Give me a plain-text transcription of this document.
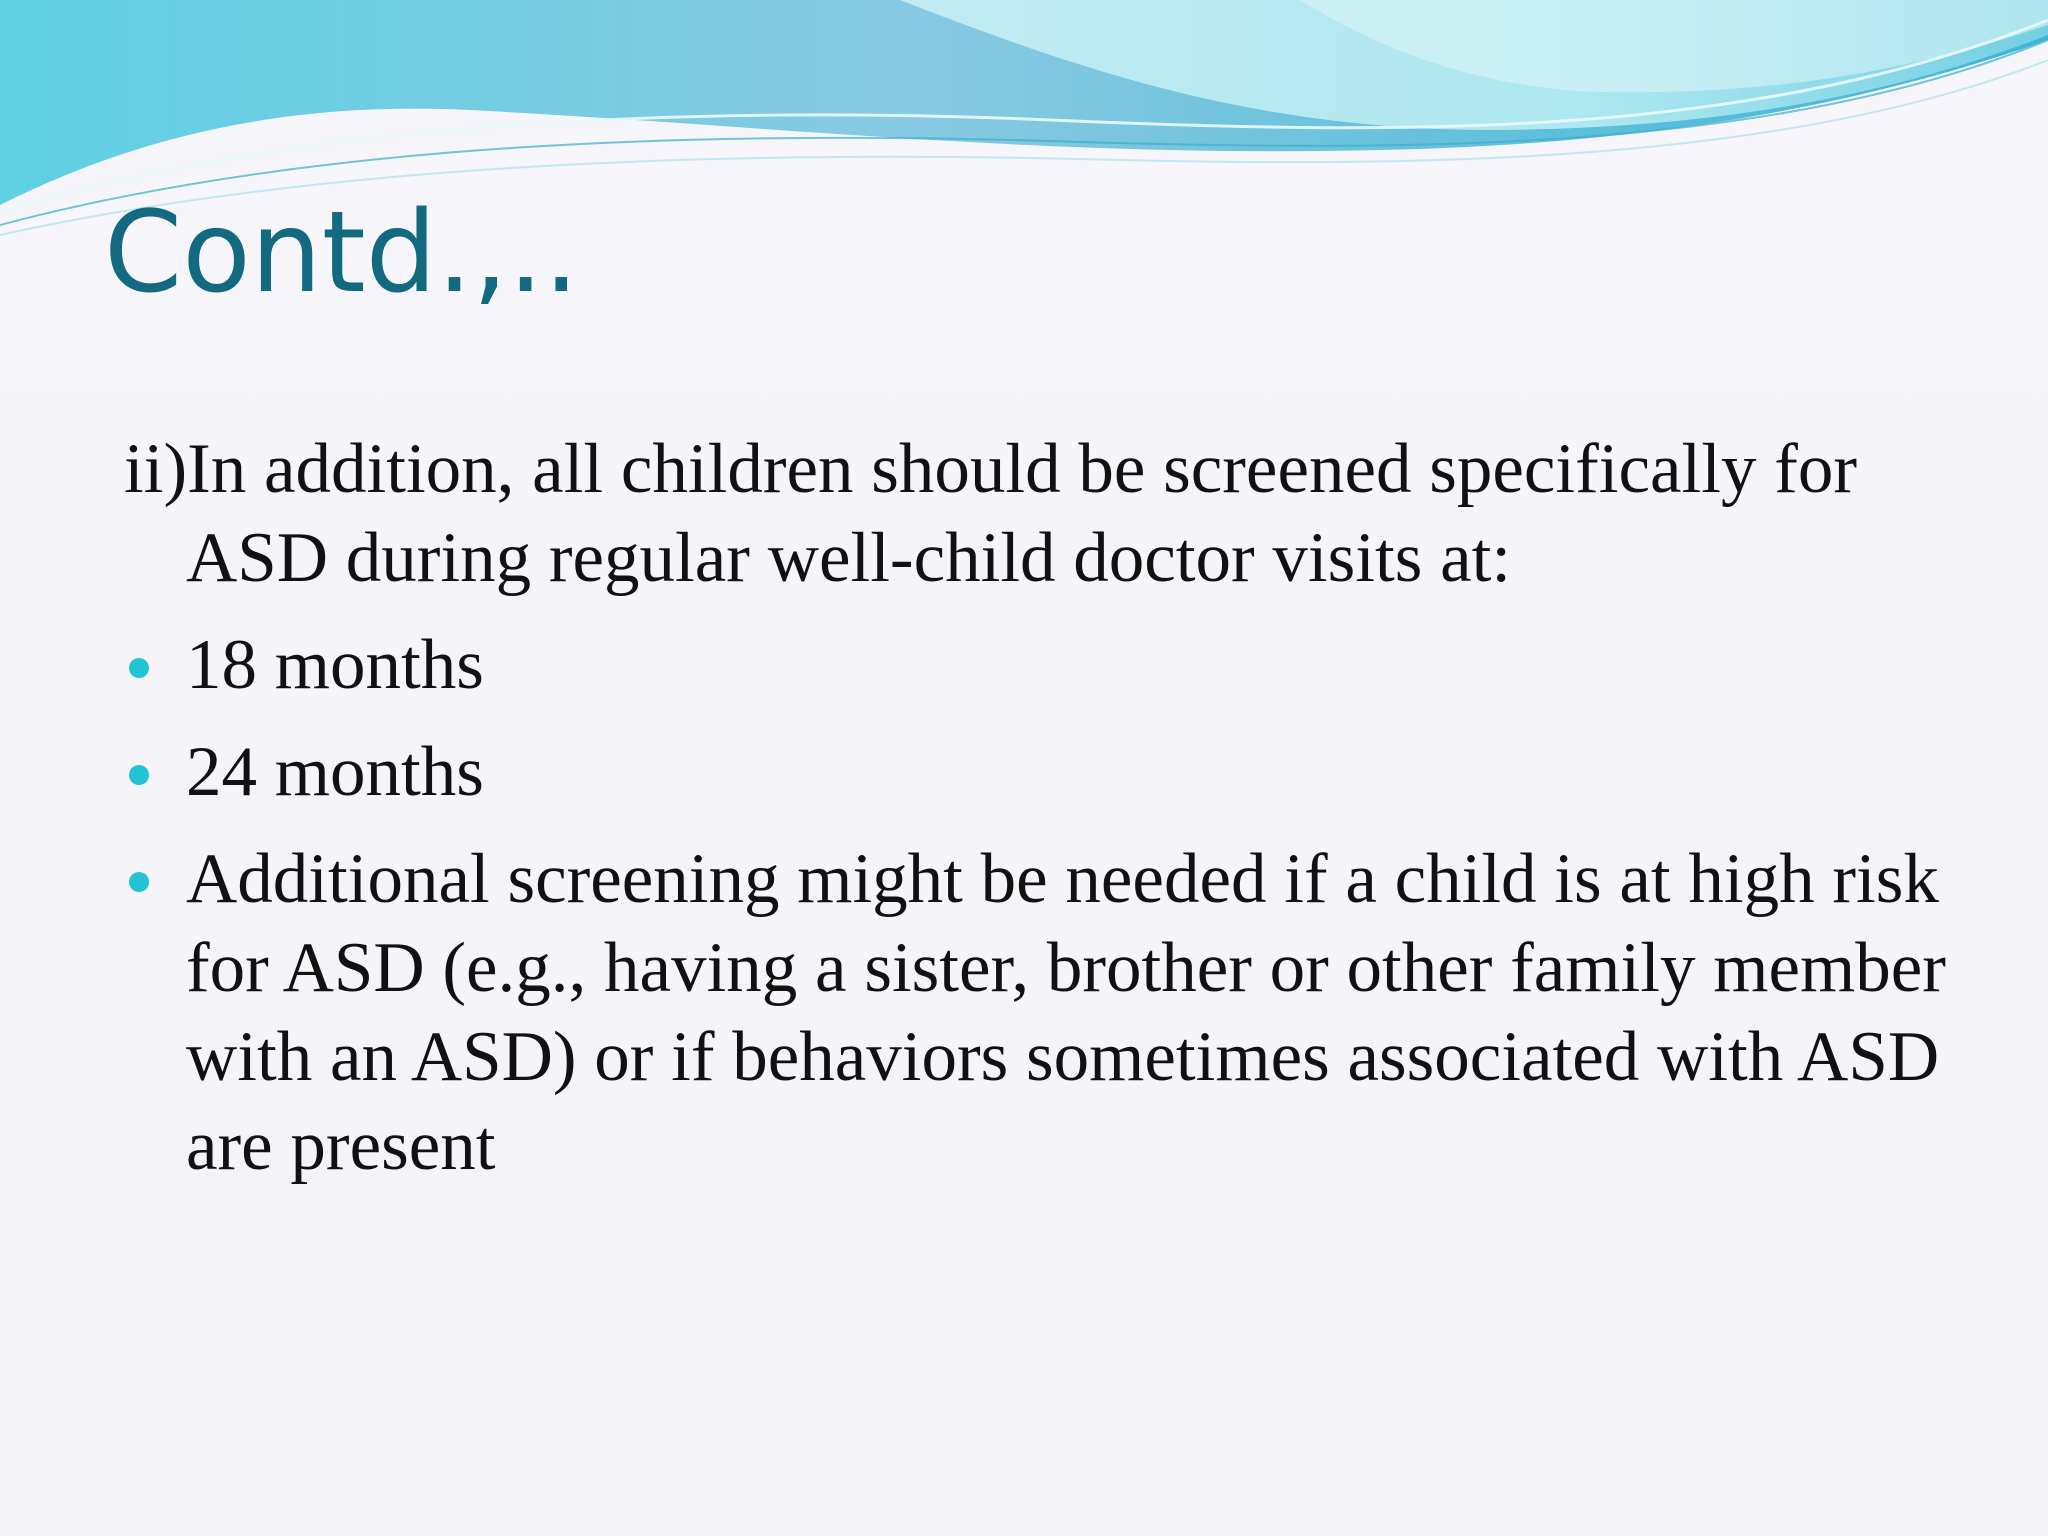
Contd.,..

ii)In addition, all children should be screened specifically for ASD during regular well-child doctor visits at:

18 months
24 months
Additional screening might be needed if a child is at high risk for ASD (e.g., having a sister, brother or other family member with an ASD) or if behaviors sometimes associated with ASD are present
